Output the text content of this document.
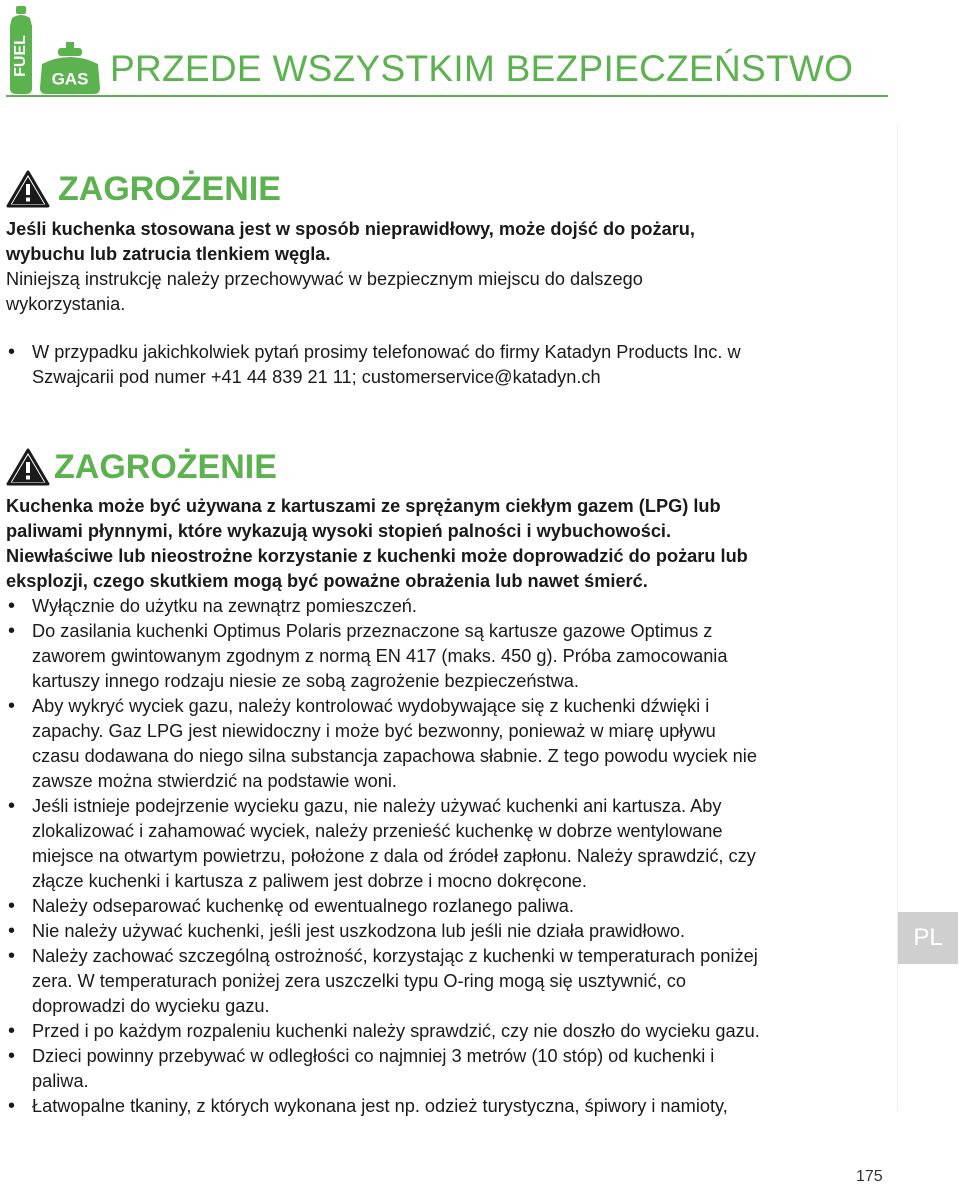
FUEL
GAS PRZEDE WSZYSTKIM BEZPIECZEŃSTWO
ZAGROŻENIE

Jeśli kuchenka stosowana jest w sposób nieprawidłowy, może dojść do pożaru,

wybuchu lub zatrucia tlenkiem węgla.

Niniejszą instrukcję należy przechowywać w bezpiecznym miejscu do dalszego

wykorzystania.

• W przypadku jakichkolwiek pytań prosimy telefonować do firmy Katadyn Products Inc. w
Szwajcarii pod numer +41 44 839 21 11; customerservice@katadyn.ch
ZAGROŻENIE

Kuchenka może być używana z kartuszami ze sprężanym ciekłym gazem (LPG) lub

paliwami płynnymi, które wykazują wysoki stopień palności i wybuchowości.

Niewłaściwe lub nieostrożne korzystanie z kuchenki może doprowadzić do pożaru lub

eksplozji, czego skutkiem mogą być poważne obrażenia lub nawet śmierć.

• Wyłącznie do użytku na zewnątrz pomieszczeń.
• Do zasilania kuchenki Optimus Polaris przeznaczone są kartusze gazowe Optimus z
zaworem gwintowanym zgodnym z normą EN 417 (maks. 450 g). Próba zamocowania
kartuszy innego rodzaju niesie ze sobą zagrożenie bezpieczeństwa.
• Aby wykryć wyciek gazu, należy kontrolować wydobywające się z kuchenki dźwięki i
zapachy. Gaz LPG jest niewidoczny i może być bezwonny, ponieważ w miarę upływu
czasu dodawana do niego silna substancja zapachowa słabnie. Z tego powodu wyciek nie
zawsze można stwierdzić na podstawie woni.
• Jeśli istnieje podejrzenie wycieku gazu, nie należy używać kuchenki ani kartusza. Aby
zlokalizować i zahamować wyciek, należy przenieść kuchenkę w dobrze wentylowane
miejsce na otwartym powietrzu, położone z dala od źródeł zapłonu. Należy sprawdzić, czy
złącze kuchenki i kartusza z paliwem jest dobrze i mocno dokręcone.
• Należy odseparować kuchenkę od ewentualnego rozlanego paliwa.
• Nie należy używać kuchenki, jeśli jest uszkodzona lub jeśli nie działa prawidłowo.
• Należy zachować szczególną ostrożność, korzystając z kuchenki w temperaturach poniżej
zera. W temperaturach poniżej zera uszczelki typu O-ring mogą się usztywnić, co
doprowadzi do wycieku gazu.
• Przed i po każdym rozpaleniu kuchenki należy sprawdzić, czy nie doszło do wycieku gazu.
• Dzieci powinny przebywać w odległości co najmniej 3 metrów (10 stóp) od kuchenki i
paliwa.
• Łatwopalne tkaniny, z których wykonana jest np. odzież turystyczna, śpiwory i namioty,
PL
175
